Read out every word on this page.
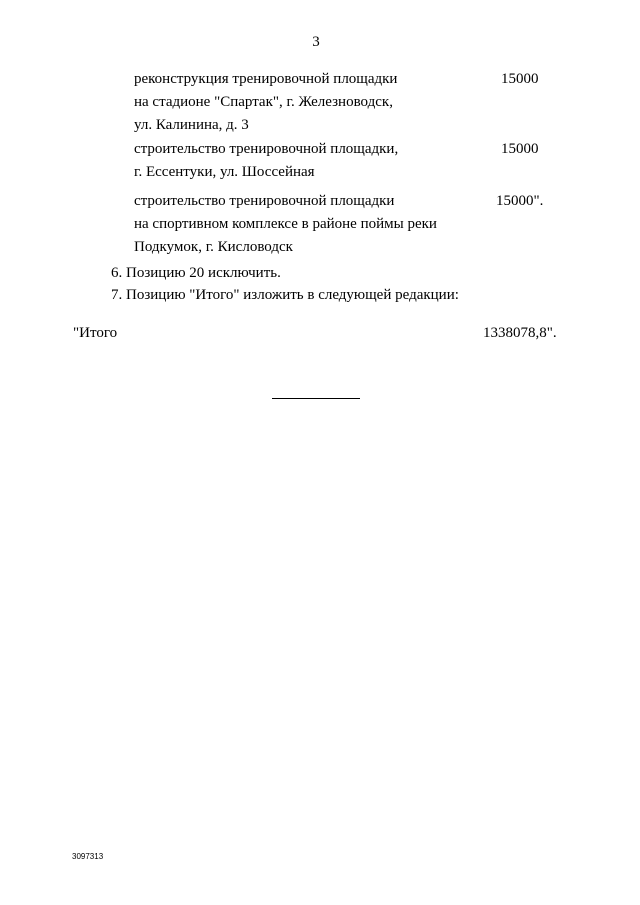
3
реконструкция тренировочной площадки
на стадионе "Спартак", г. Железноводск,
ул. Калинина, д. 3
15000
строительство тренировочной площадки,
г. Ессентуки, ул. Шоссейная
15000
строительство тренировочной площадки
на спортивном комплексе в районе поймы реки
Подкумок, г. Кисловодск
15000".
6. Позицию 20 исключить.
7. Позицию "Итого" изложить в следующей редакции:
"Итого	1338078,8".
3097313
